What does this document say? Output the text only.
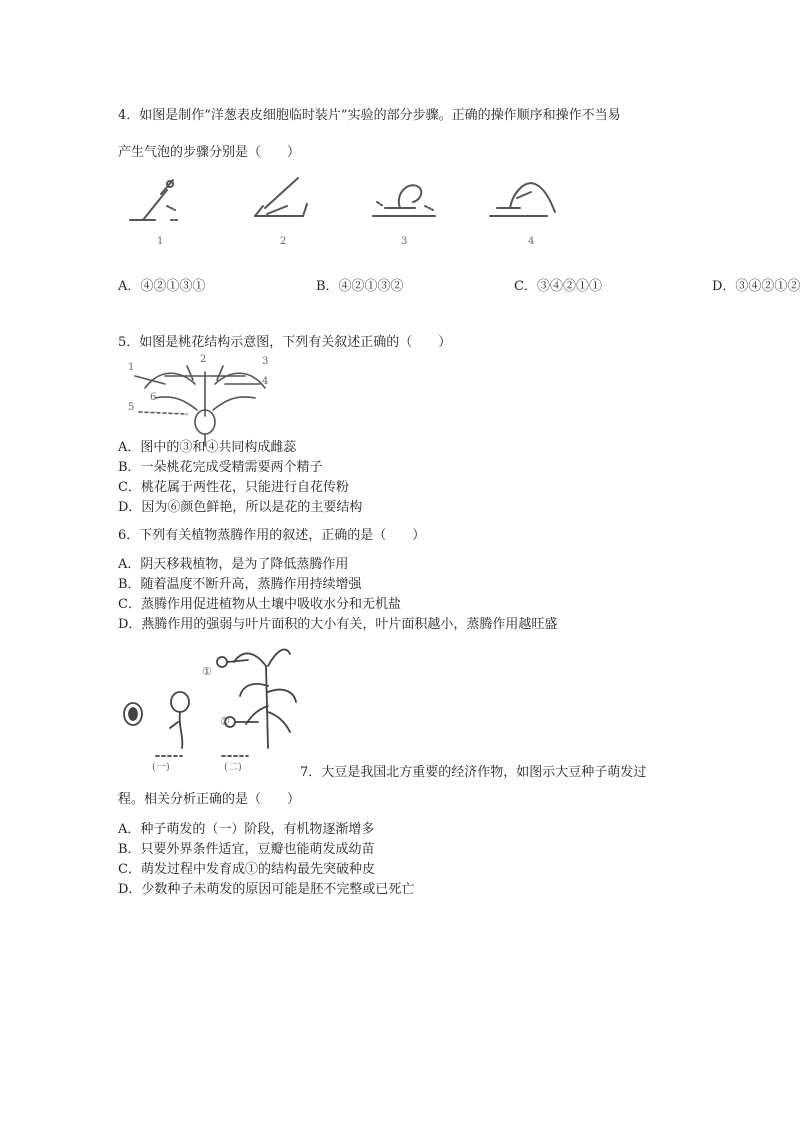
4．如图是制作“洋葱表皮细胞临时装片”实验的部分步骤。正确的操作顺序和操作不当易
产生气泡的步骤分别是（　　）
1	2	3	4
A．④②①③①	B．④②①③②	C．③④②①①	D．③④②①②
5．如图是桃花结构示意图，下列有关叙述正确的（　　）
1
2	3
4
5
6
A．图中的③和④共同构成雌蕊
B．一朵桃花完成受精需要两个精子
C．桃花属于两性花，只能进行自花传粉
D．因为⑥颜色鲜艳，所以是花的主要结构
6．下列有关植物蒸腾作用的叙述，正确的是（　　）
A．阴天移栽植物，是为了降低蒸腾作用
B．随着温度不断升高，蒸腾作用持续增强
C．蒸腾作用促进植物从土壤中吸收水分和无机盐
D．燕腾作用的强弱与叶片面积的大小有关，叶片面积越小，蒸腾作用越旺盛
①
②
(一)	(二)	7．大豆是我国北方重要的经济作物，如图示大豆种子萌发过
程。相关分析正确的是（　　）
A．种子萌发的（一）阶段，有机物逐渐增多
B．只要外界条件适宜，豆瓣也能萌发成幼苗
C．萌发过程中发育成①的结构最先突破种皮
D．少数种子未萌发的原因可能是胚不完整或已死亡
